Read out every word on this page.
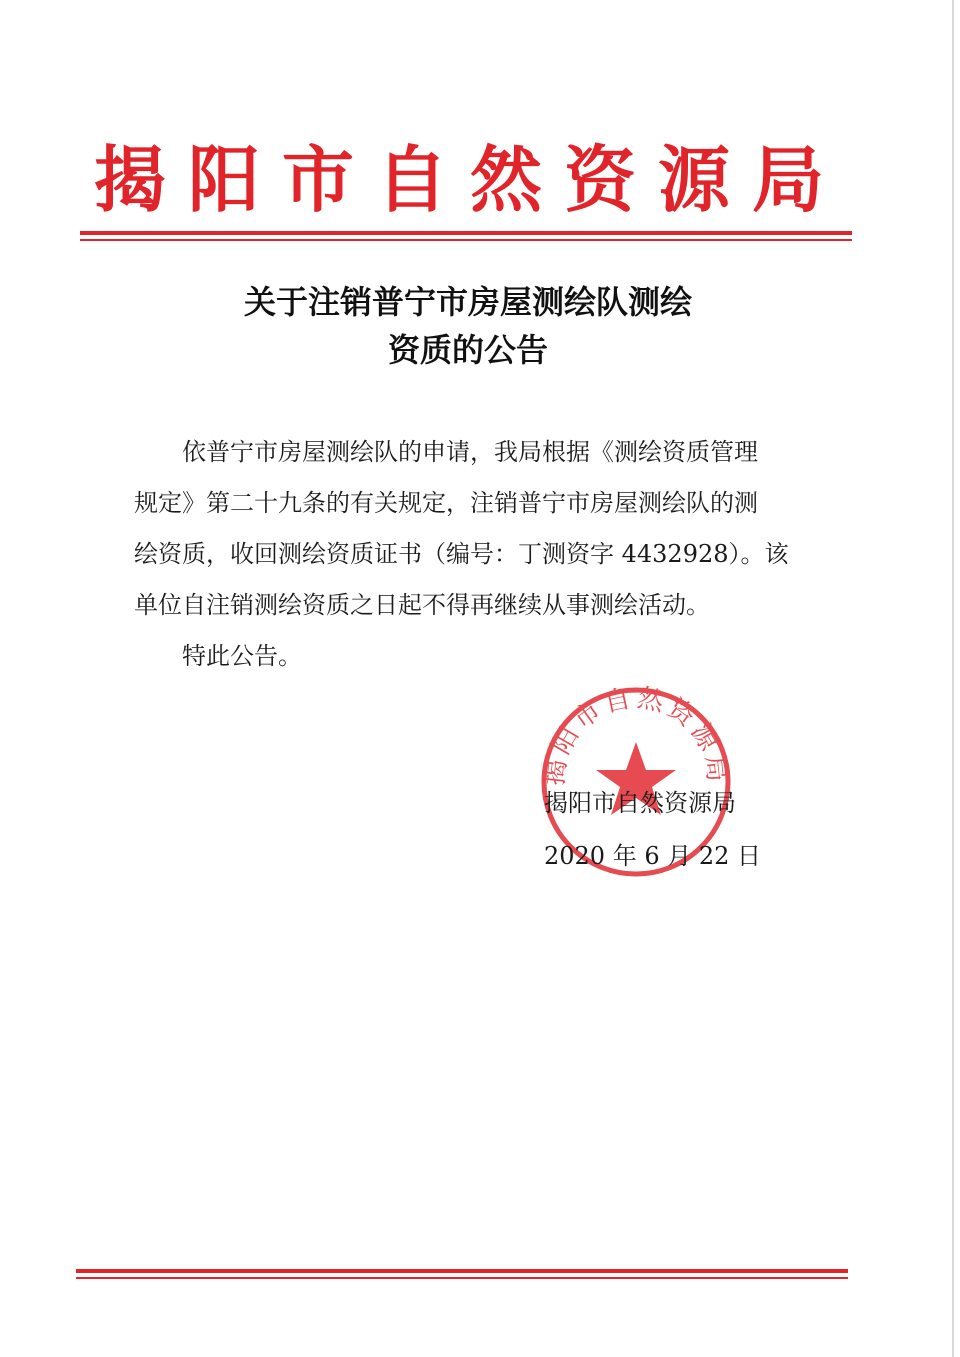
揭阳市自然资源局
关于注销普宁市房屋测绘队测绘
资质的公告
依普宁市房屋测绘队的申请，我局根据《测绘资质管理
规定》第二十九条的有关规定，注销普宁市房屋测绘队的测
绘资质，收回测绘资质证书（编号：丁测资字 4432928）。该
单位自注销测绘资质之日起不得再继续从事测绘活动。
特此公告。
揭阳市自然资源局
揭阳市自然资源局
2020 年 6 月 22 日
